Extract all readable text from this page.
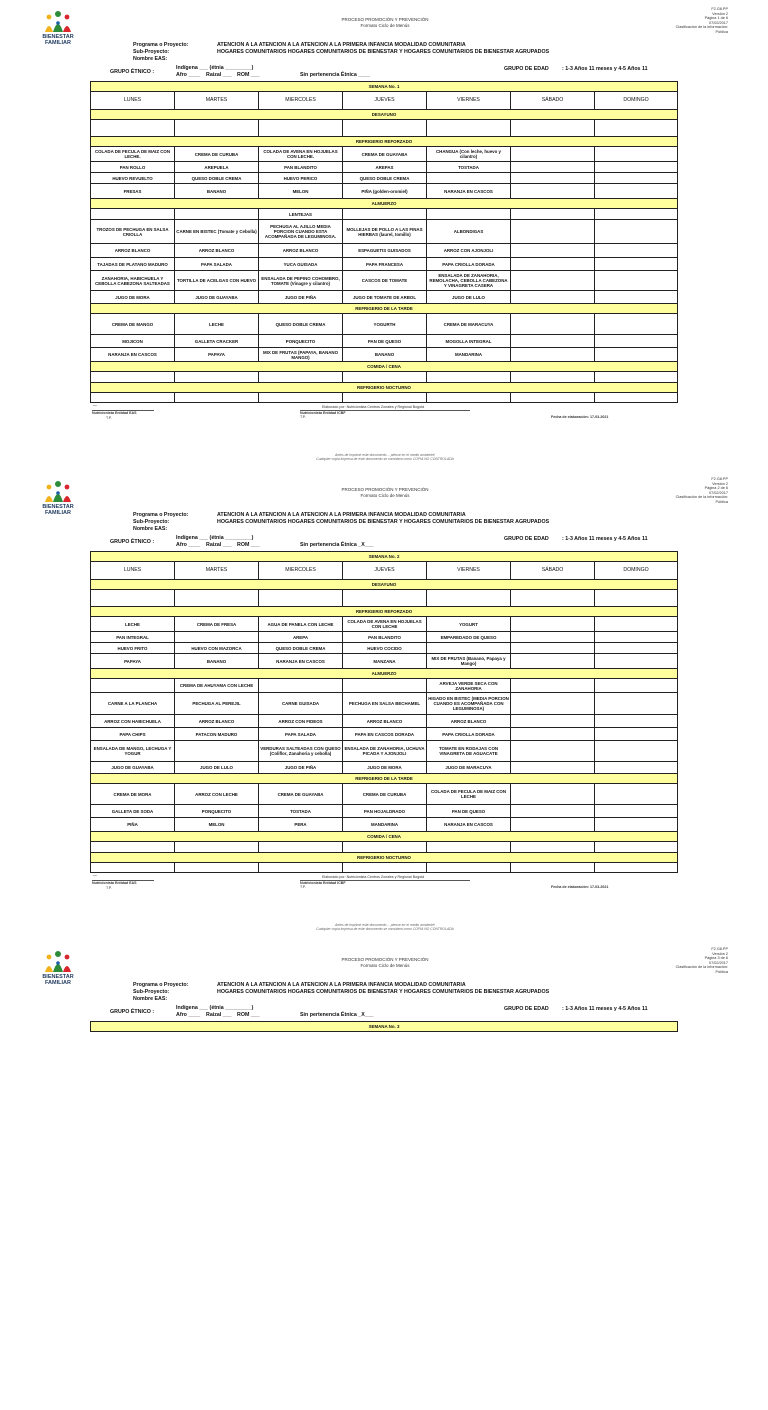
BIENESTAR
FAMILIAR
PROCESO PROMOCIÓN Y PREVENCIÓN
Formato Ciclo de Menús
F2.G8.PP
Versión 2
Página 1 de 6
07/02/2017
Clasificación de la información:
Pública
Programa o Proyecto:	ATENCION A LA ATENCION A LA ATENCION A LA PRIMERA INFANCIA MODALIDAD COMUNITARIA
Sub-Proyecto:	HOGARES COMUNITARIOS HOGARES COMUNITARIOS DE BIENESTAR Y HOGARES COMUNITARIOS DE BIENESTAR AGRUPADOS
Nombre EAS:
GRUPO ÉTNICO :
Indígena ___ (étnia _________)
Afro ____ Raizal ___ ROM ___	Sin pertenencia Étnica ____
GRUPO DE EDAD	: 1-3 Años 11 meses y 4-5 Años 11
SEMANA No. 1						
LUNES	MARTES	MIERCOLES	JUEVES	VIERNES	SÁBADO	DOMINGO
DESAYUNO						

REFRIGERIO REFORZADO						
COLADA DE FECULA DE MAIZ CON LECHE.	CREMA DE CURUBA	COLADA DE AVENA EN HOJUELAS CON LECHE.	CREMA DE GUAYABA	CHANGUA (Con leche, huevo y cilantro)		
PAN ROLLO	AREPUELA	PAN BLANDITO	AREPAS	TOSTADA		
HUEVO REVUELTO	QUESO DOBLE CREMA	HUEVO PERICO	QUESO DOBLE CREMA			
FRESAS	BANANO	MELON	PIÑA (golden-oromiel)	NARANJA EN CASCOS		
ALMUERZO						
		LENTEJAS				
TROZOS DE PECHUGA EN SALSA CRIOLLA	CARNE EN BISTEC (Tomate y Cebolla)	PECHUGA AL AJILLO MEDIA PORCION CUANDO ESTA ACOMPAÑADA DE LEGUMINOSA.	MOLLEJAS DE POLLO A LAS FINAS HIERBAS (laurel, tomillo)	ALBONDIGAS		
ARROZ BLANCO	ARROZ BLANCO	ARROZ BLANCO	ESPAGUETIS GUISADOS	ARROZ CON AJONJOLI		
TAJADAS DE PLATANO MADURO	PAPA SALADA	YUCA GUISADA	PAPA FRANCESA	PAPA CRIOLLA DORADA		
ZANAHORIA, HABICHUELA Y CEBOLLA CABEZONA SALTEADAS	TORTILLA DE ACELGAS CON HUEVO	ENSALADA DE PEPINO COHOMBRO, TOMATE (Vinagre y cilantro)	CASCOS DE TOMATE	ENSALADA DE ZANAHORIA, REMOLACHA, CEBOLLA CABEZONA Y VINAGRETA CASERA		
JUGO DE MORA	JUGO DE GUAYABA	JUGO DE PIÑA	JUGO DE TOMATE DE ARBOL	JUGO DE LULO		
REFRIGERIO DE LA TARDE						
CREMA DE MANGO	LECHE	QUESO DOBLE CREMA	YOGURTH	CREMA DE MARACUYA		
MOJICON	GALLETA CRACKER	PONQUECITO	PAN DE QUESO	MOGOLLA INTEGRAL		
NARANJA EN CASCOS	PAPAYA	MIX DE FRUTAS (PAPAYA, BANANO MANGO)	BANANO	MANDARINA		
COMIDA / CENA						

REFRIGERIO NOCTURNO						

~
Nutricionista Entidad EAS
T.P.
Elaborado por: Nutricionista Centros Zonales y Regional Bogotá
Nutricionista Entidad ICBF
T.P.	Fecha de elaboración: 17-03-2021
Antes de imprimir este documento… piense en el medio ambiente!
Cualquier copia impresa de este documento se considera como COPIA NO CONTROLADA
BIENESTAR
FAMILIAR
PROCESO PROMOCIÓN Y PREVENCIÓN
Formato Ciclo de Menús
F2.G8.PP
Versión 2
Página 2 de 6
07/02/2017
Clasificación de la información:
Pública
Programa o Proyecto:	ATENCION A LA ATENCION A LA ATENCION A LA PRIMERA INFANCIA MODALIDAD COMUNITARIA
Sub-Proyecto:	HOGARES COMUNITARIOS HOGARES COMUNITARIOS DE BIENESTAR Y HOGARES COMUNITARIOS DE BIENESTAR AGRUPADOS
Nombre EAS:
GRUPO ÉTNICO :
Indígena ___ (étnia _________)
Afro ____ Raizal ___ ROM ___	Sin pertenencia Étnica _X___
GRUPO DE EDAD	: 1-3 Años 11 meses y 4-5 Años 11
SEMANA No. 2						
LUNES	MARTES	MIERCOLES	JUEVES	VIERNES	SÁBADO	DOMINGO
DESAYUNO						

REFRIGERIO REFORZADO						
LECHE	CREMA DE FRESA	AGUA DE PANELA CON LECHE	COLADA DE AVENA EN HOJUELAS CON LECHE	YOGURT		
PAN INTEGRAL		AREPA	PAN BLANDITO	EMPAREDADO DE QUESO		
HUEVO FRITO	HUEVO CON MAZORCA	QUESO DOBLE CREMA	HUEVO COCIDO			
PAPAYA	BANANO	NARANJA EN CASCOS	MANZANA	MIX DE FRUTAS (Banano, Papaya y Mango)		
ALMUERZO						
	CREMA DE AHUYAMA CON LECHE			ARVEJA VERDE SECA CON ZANAHORIA		
CARNE A LA PLANCHA	PECHUGA AL PEREJIL	CARNE GUISADA	PECHUGA EN SALSA BECHAMEL	HIGADO EN BISTEC (MEDIA PORCION CUANDO ES ACOMPAÑADA CON LEGUMINOSA)		
ARROZ CON HABICHUELA	ARROZ BLANCO	ARROZ CON FIDEOS	ARROZ BLANCO	ARROZ BLANCO		
PAPA CHIPS	PATACON MADURO	PAPA SALADA	PAPA EN CASCOS DORADA	PAPA CRIOLLA DORADA		
ENSALADA DE MANGO, LECHUGA Y YOGUR		VERDURAS SALTEADAS CON QUESO (Coliflor, Zanahoria y cebolla)	ENSALADA DE ZANAHORIA, UCHUVA PICADA Y AJONJOLI	TOMATE EN RODAJAS CON VINAGRETA DE AGUACATE		
JUGO DE GUAYABA	JUGO DE LULO	JUGO DE PIÑA	JUGO DE MORA	JUGO DE MARACUYA		
REFRIGERIO DE LA TARDE						
CREMA DE MORA	ARROZ CON LECHE	CREMA DE GUAYABA	CREMA DE CURUBA	COLADA DE FECULA DE MAIZ CON LECHE		
GALLETA DE SODA	PONQUECITO	TOSTADA	PAN HOJALDRADO	PAN DE QUESO		
PIÑA	MELON	PERA	MANDARINA	NARANJA EN CASCOS		
COMIDA / CENA						

REFRIGERIO NOCTURNO						

~
Nutricionista Entidad EAS
T.P.
Elaborado por: Nutricionista Centros Zonales y Regional Bogotá
Nutricionista Entidad ICBF
T.P.	Fecha de elaboración: 17-03-2021
Antes de imprimir este documento… piense en el medio ambiente!
Cualquier copia impresa de este documento se considera como COPIA NO CONTROLADA
BIENESTAR
FAMILIAR
PROCESO PROMOCIÓN Y PREVENCIÓN
Formato Ciclo de Menús
F2.G8.PP
Versión 2
Página 3 de 6
07/02/2017
Clasificación de la información:
Pública
Programa o Proyecto:	ATENCION A LA ATENCION A LA ATENCION A LA PRIMERA INFANCIA MODALIDAD COMUNITARIA
Sub-Proyecto:	HOGARES COMUNITARIOS HOGARES COMUNITARIOS DE BIENESTAR Y HOGARES COMUNITARIOS DE BIENESTAR AGRUPADOS
Nombre EAS:
GRUPO ÉTNICO :
Indígena ___ (étnia _________)
Afro ____ Raizal ___ ROM ___	Sin pertenencia Étnica _X___
GRUPO DE EDAD	: 1-3 Años 11 meses y 4-5 Años 11
SEMANA No. 3
